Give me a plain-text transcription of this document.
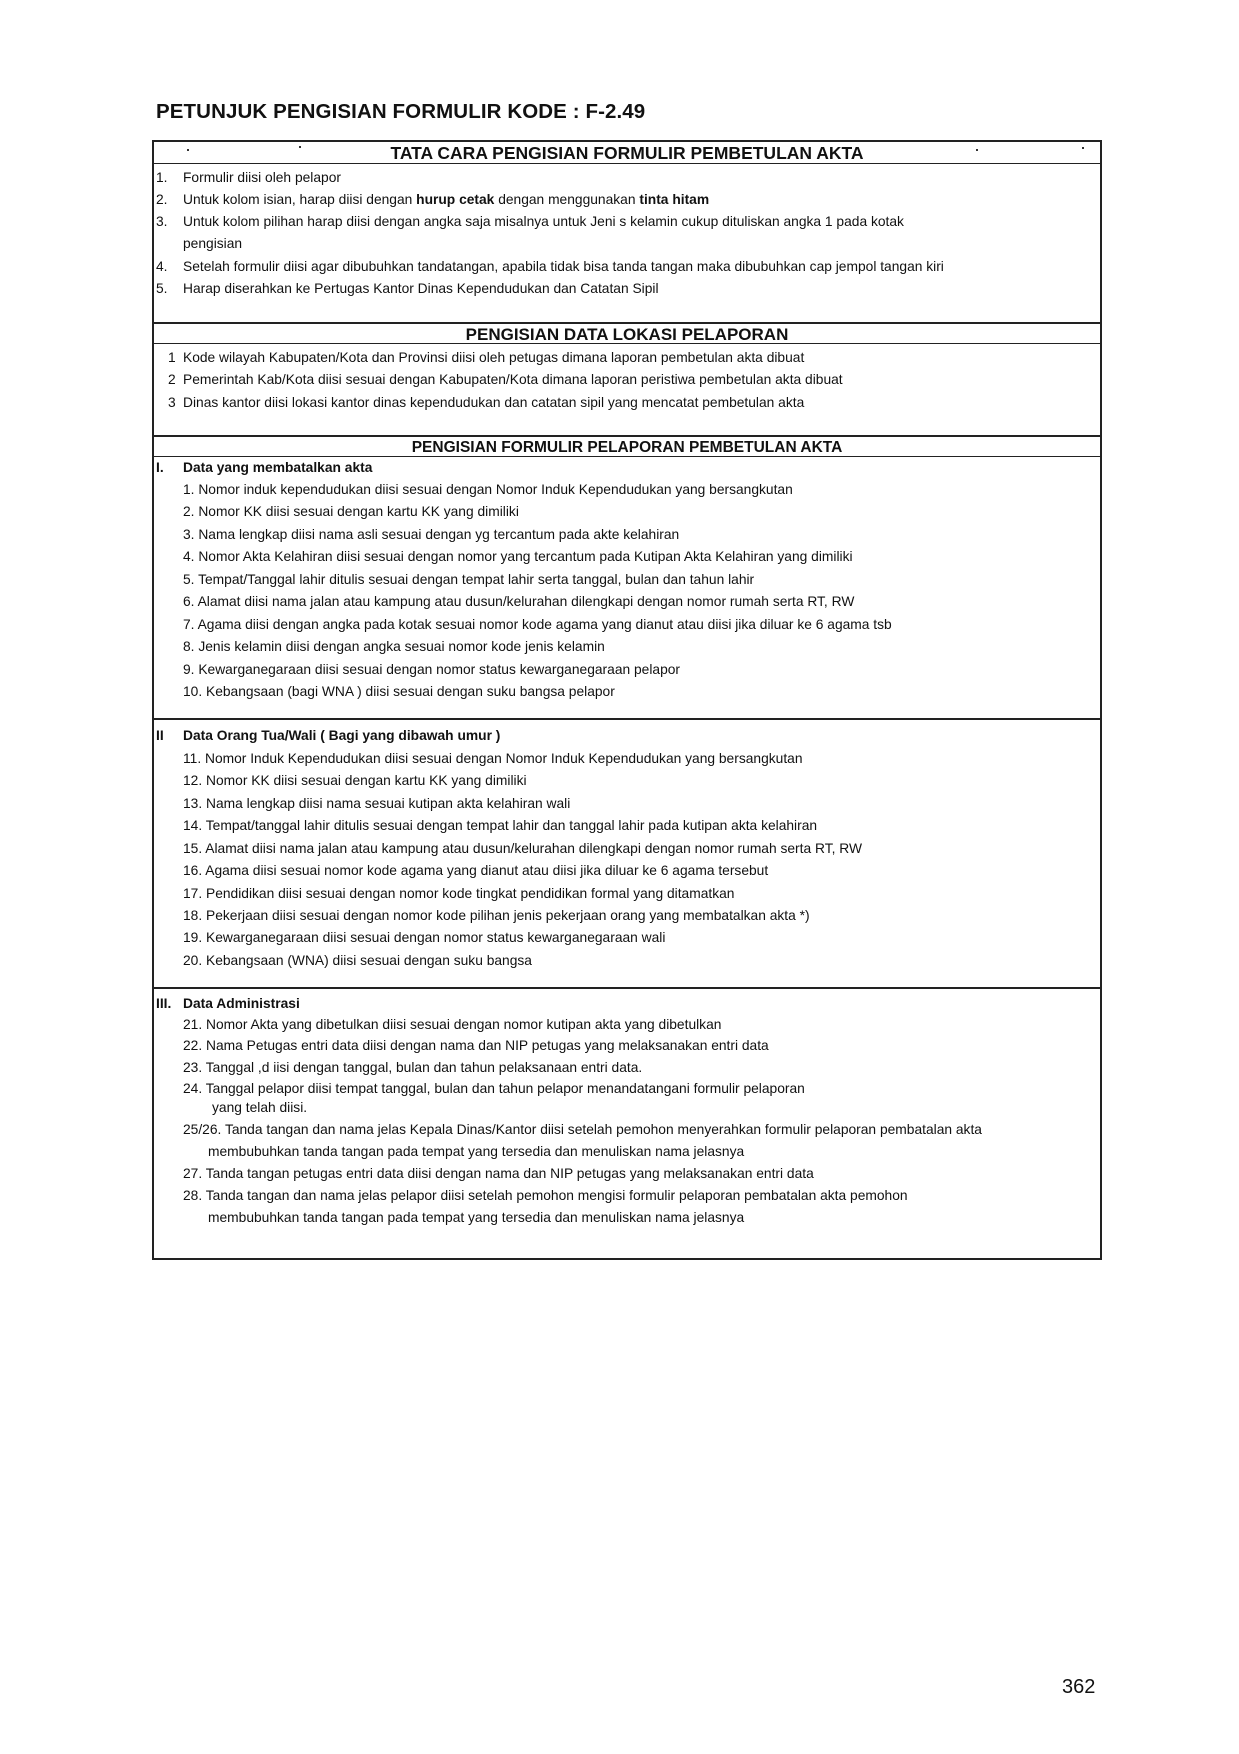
PETUNJUK PENGISIAN FORMULIR KODE : F-2.49
TATA CARA PENGISIAN FORMULIR PEMBETULAN AKTA
1. Formulir diisi oleh pelapor
2. Untuk kolom isian, harap diisi dengan hurup cetak dengan menggunakan tinta hitam
3. Untuk kolom pilihan harap diisi dengan angka saja misalnya untuk Jeni s kelamin cukup dituliskan angka 1 pada kotak
pengisian
4. Setelah formulir diisi agar dibubuhkan tandatangan, apabila tidak bisa tanda tangan maka dibubuhkan cap jempol tangan kiri
5. Harap diserahkan ke Pertugas Kantor Dinas Kependudukan dan Catatan Sipil
PENGISIAN DATA LOKASI PELAPORAN
1 Kode wilayah Kabupaten/Kota dan Provinsi diisi oleh petugas dimana laporan pembetulan akta dibuat
2 Pemerintah Kab/Kota diisi sesuai dengan Kabupaten/Kota dimana laporan peristiwa pembetulan akta dibuat
3 Dinas kantor diisi lokasi kantor dinas kependudukan dan catatan sipil yang mencatat pembetulan akta
PENGISIAN FORMULIR PELAPORAN PEMBETULAN AKTA
I. Data yang membatalkan akta
1. Nomor induk kependudukan diisi sesuai dengan Nomor Induk Kependudukan yang bersangkutan
2. Nomor KK diisi sesuai dengan kartu KK yang dimiliki
3. Nama lengkap diisi nama asli sesuai dengan yg tercantum pada akte kelahiran
4. Nomor Akta Kelahiran diisi sesuai dengan nomor yang tercantum pada Kutipan Akta Kelahiran yang dimiliki
5. Tempat/Tanggal lahir ditulis sesuai dengan tempat lahir serta tanggal, bulan dan tahun lahir
6. Alamat diisi nama jalan atau kampung atau dusun/kelurahan dilengkapi dengan nomor rumah serta RT, RW
7. Agama diisi dengan angka pada kotak sesuai nomor kode agama yang dianut atau diisi jika diluar ke 6 agama tsb
8. Jenis kelamin diisi dengan angka sesuai nomor kode jenis kelamin
9. Kewarganegaraan diisi sesuai dengan nomor status kewarganegaraan pelapor
10. Kebangsaan (bagi WNA ) diisi sesuai dengan suku bangsa pelapor
II Data Orang Tua/Wali ( Bagi yang dibawah umur )
11. Nomor Induk Kependudukan diisi sesuai dengan Nomor Induk Kependudukan yang bersangkutan
12. Nomor KK diisi sesuai dengan kartu KK yang dimiliki
13. Nama lengkap diisi nama sesuai kutipan akta kelahiran wali
14. Tempat/tanggal lahir ditulis sesuai dengan tempat lahir dan tanggal lahir pada kutipan akta kelahiran
15. Alamat diisi nama jalan atau kampung atau dusun/kelurahan dilengkapi dengan nomor rumah serta RT, RW
16. Agama diisi sesuai nomor kode agama yang dianut atau diisi jika diluar ke 6 agama tersebut
17. Pendidikan diisi sesuai dengan nomor kode tingkat pendidikan formal yang ditamatkan
18. Pekerjaan diisi sesuai dengan nomor kode pilihan jenis pekerjaan orang yang membatalkan akta *)
19. Kewarganegaraan diisi sesuai dengan nomor status kewarganegaraan wali
20. Kebangsaan (WNA) diisi sesuai dengan suku bangsa
III. Data Administrasi
21. Nomor Akta yang dibetulkan diisi sesuai dengan nomor kutipan akta yang dibetulkan
22. Nama Petugas entri data diisi dengan nama dan NIP petugas yang melaksanakan entri data
23. Tanggal ,d iisi dengan tanggal, bulan dan tahun pelaksanaan entri data.
24. Tanggal pelapor diisi tempat tanggal, bulan dan tahun pelapor menandatangani formulir pelaporan
yang telah diisi.
25/26. Tanda tangan dan nama jelas Kepala Dinas/Kantor diisi setelah pemohon menyerahkan formulir pelaporan pembatalan akta
membubuhkan tanda tangan pada tempat yang tersedia dan menuliskan nama jelasnya
27. Tanda tangan petugas entri data diisi dengan nama dan NIP petugas yang melaksanakan entri data
28. Tanda tangan dan nama jelas pelapor diisi setelah pemohon mengisi formulir pelaporan pembatalan akta pemohon
membubuhkan tanda tangan pada tempat yang tersedia dan menuliskan nama jelasnya
362
